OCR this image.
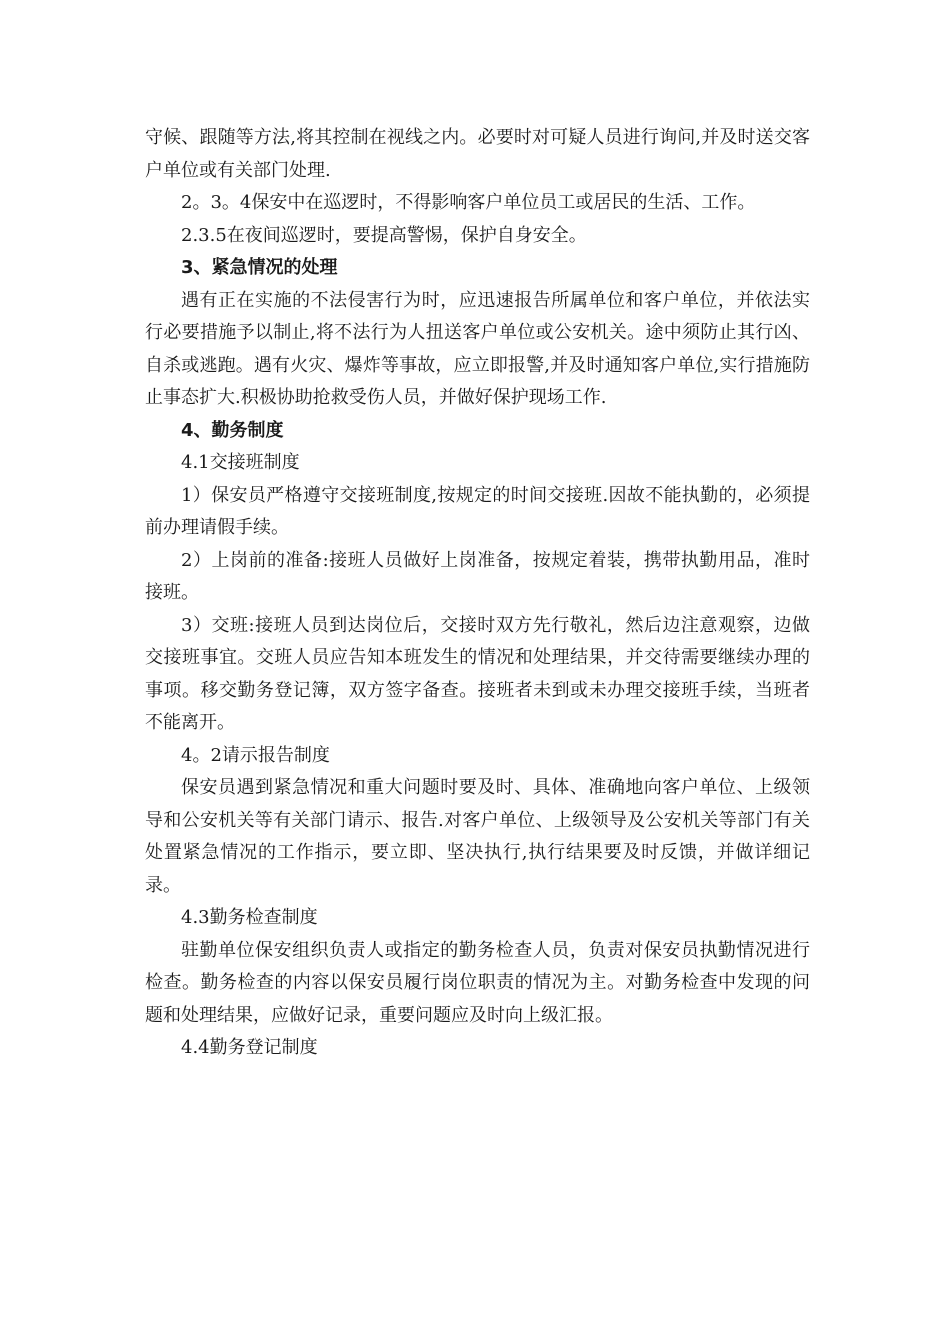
守候、跟随等方法,将其控制在视线之内。必要时对可疑人员进行询问,并及时送交客户单位或有关部门处理.

2。3。4保安中在巡逻时，不得影响客户单位员工或居民的生活、工作。

2.3.5在夜间巡逻时，要提高警惕，保护自身安全。

3、紧急情况的处理

遇有正在实施的不法侵害行为时，应迅速报告所属单位和客户单位，并依法实行必要措施予以制止,将不法行为人扭送客户单位或公安机关。途中须防止其行凶、自杀或逃跑。遇有火灾、爆炸等事故，应立即报警,并及时通知客户单位,实行措施防止事态扩大.积极协助抢救受伤人员，并做好保护现场工作.

4、勤务制度

4.1交接班制度

1）保安员严格遵守交接班制度,按规定的时间交接班.因故不能执勤的，必须提前办理请假手续。

2）上岗前的准备:接班人员做好上岗准备，按规定着装，携带执勤用品，准时接班。

3）交班:接班人员到达岗位后，交接时双方先行敬礼，然后边注意观察，边做交接班事宜。交班人员应告知本班发生的情况和处理结果，并交待需要继续办理的事项。移交勤务登记簿，双方签字备查。接班者未到或未办理交接班手续，当班者不能离开。

4。2请示报告制度

保安员遇到紧急情况和重大问题时要及时、具体、准确地向客户单位、上级领导和公安机关等有关部门请示、报告.对客户单位、上级领导及公安机关等部门有关处置紧急情况的工作指示，要立即、坚决执行,执行结果要及时反馈，并做详细记录。

4.3勤务检查制度

驻勤单位保安组织负责人或指定的勤务检查人员，负责对保安员执勤情况进行检查。勤务检查的内容以保安员履行岗位职责的情况为主。对勤务检查中发现的问题和处理结果，应做好记录，重要问题应及时向上级汇报。

4.4勤务登记制度
